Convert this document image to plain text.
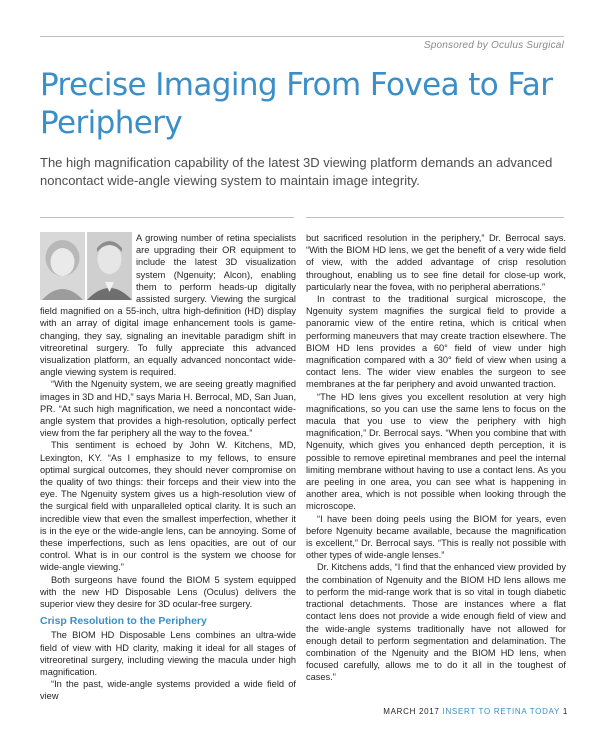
Sponsored by Oculus Surgical
Precise Imaging From Fovea to Far Periphery

The high magnification capability of the latest 3D viewing platform demands an advanced noncontact wide-angle viewing system to maintain image integrity.

A growing number of retina specialists are upgrading their OR equipment to include the latest 3D visualization system (Ngenuity; Alcon), enabling them to perform heads-up digitally assisted surgery. Viewing the surgical field magnified on a 55-inch, ultra high-definition (HD) display with an array of digital image enhancement tools is game-changing, they say, signaling an inevitable paradigm shift in vitreoretinal surgery. To fully appreciate this advanced visualization platform, an equally advanced noncontact wide-angle viewing system is required.

“With the Ngenuity system, we are seeing greatly magnified images in 3D and HD,” says Maria H. Berrocal, MD, San Juan, PR. “At such high magnification, we need a noncontact wide-angle system that provides a high-resolution, optically perfect view from the far periphery all the way to the fovea.”

This sentiment is echoed by John W. Kitchens, MD, Lexington, KY. “As I emphasize to my fellows, to ensure optimal surgical outcomes, they should never compromise on the quality of two things: their forceps and their view into the eye. The Ngenuity system gives us a high-resolution view of the surgical field with unparalleled optical clarity. It is such an incredible view that even the smallest imperfection, whether it is in the eye or the wide-angle lens, can be annoying. Some of these imperfections, such as lens opacities, are out of our control. What is in our control is the system we choose for wide-angle viewing.”

Both surgeons have found the BIOM 5 system equipped with the new HD Disposable Lens (Oculus) delivers the superior view they desire for 3D ocular-free surgery.

Crisp Resolution to the Periphery

The BIOM HD Disposable Lens combines an ultra-wide field of view with HD clarity, making it ideal for all stages of vitreoretinal surgery, including viewing the macula under high magnification.

“In the past, wide-angle systems provided a wide field of view

but sacrificed resolution in the periphery,” Dr. Berrocal says. “With the BIOM HD lens, we get the benefit of a very wide field of view, with the added advantage of crisp resolution throughout, enabling us to see fine detail for close-up work, particularly near the fovea, with no peripheral aberrations.”

In contrast to the traditional surgical microscope, the Ngenuity system magnifies the surgical field to provide a panoramic view of the entire retina, which is critical when performing maneuvers that may create traction elsewhere. The BIOM HD lens provides a 60° field of view under high magnification compared with a 30° field of view when using a contact lens. The wider view enables the surgeon to see membranes at the far periphery and avoid unwanted traction.

“The HD lens gives you excellent resolution at very high magnifications, so you can use the same lens to focus on the macula that you use to view the periphery with high magnification,” Dr. Berrocal says. “When you combine that with Ngenuity, which gives you enhanced depth perception, it is possible to remove epiretinal membranes and peel the internal limiting membrane without having to use a contact lens. As you are peeling in one area, you can see what is happening in another area, which is not possible when looking through the microscope.

“I have been doing peels using the BIOM for years, even before Ngenuity became available, because the magnification is excellent,” Dr. Berrocal says. “This is really not possible with other types of wide-angle lenses.”

Dr. Kitchens adds, “I find that the enhanced view provided by the combination of Ngenuity and the BIOM HD lens allows me to perform the mid-range work that is so vital in tough diabetic tractional detachments. Those are instances where a flat contact lens does not provide a wide enough field of view and the wide-angle systems traditionally have not allowed for enough detail to perform segmentation and delamination. The combination of the Ngenuity and the BIOM HD lens, when focused carefully, allows me to do it all in the toughest of cases.”

MARCH 2017 INSERT TO RETINA TODAY 1
